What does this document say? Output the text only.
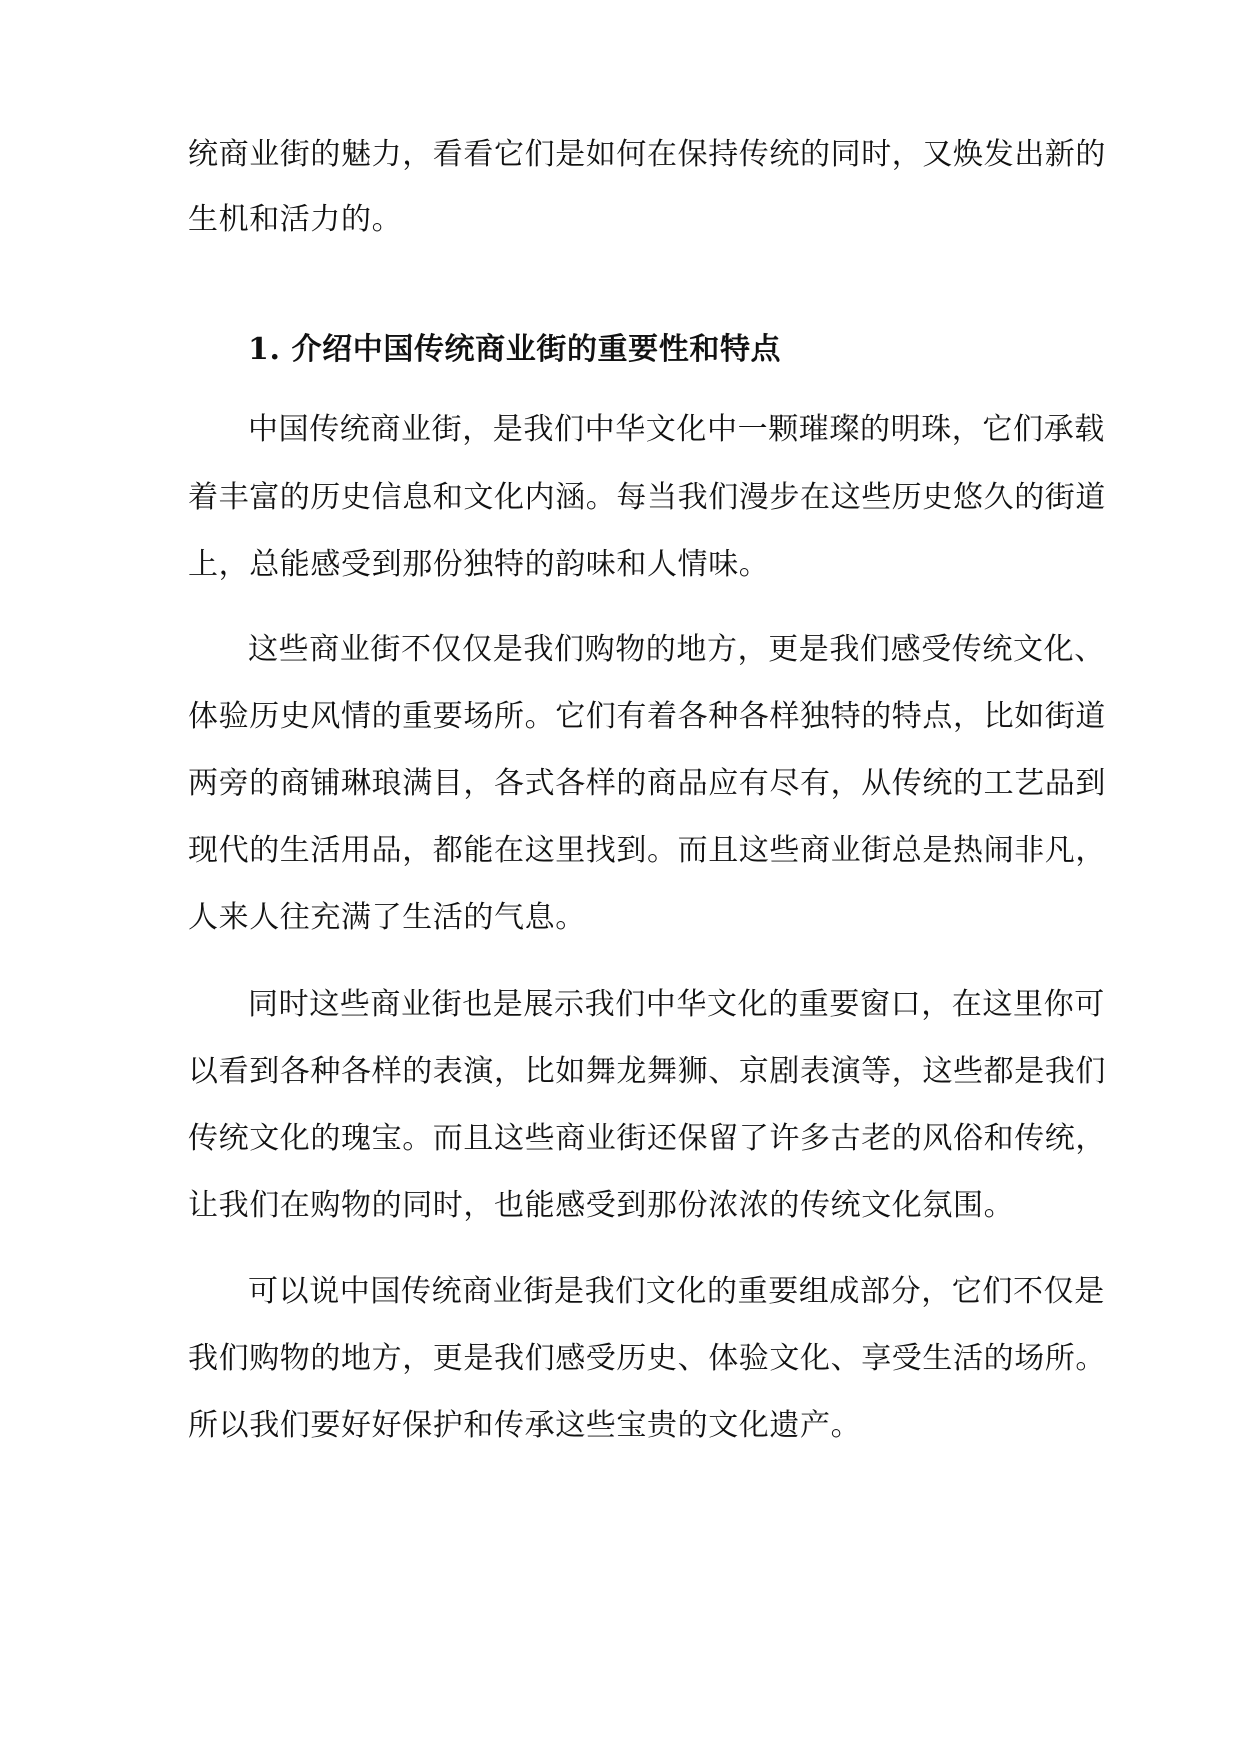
统商业街的魅力，看看它们是如何在保持传统的同时，又焕发出新的
生机和活力的。
1. 介绍中国传统商业街的重要性和特点
中国传统商业街，是我们中华文化中一颗璀璨的明珠，它们承载
着丰富的历史信息和文化内涵。每当我们漫步在这些历史悠久的街道
上，总能感受到那份独特的韵味和人情味。
这些商业街不仅仅是我们购物的地方，更是我们感受传统文化、
体验历史风情的重要场所。它们有着各种各样独特的特点，比如街道
两旁的商铺琳琅满目，各式各样的商品应有尽有，从传统的工艺品到
现代的生活用品，都能在这里找到。而且这些商业街总是热闹非凡，
人来人往充满了生活的气息。
同时这些商业街也是展示我们中华文化的重要窗口，在这里你可
以看到各种各样的表演，比如舞龙舞狮、京剧表演等，这些都是我们
传统文化的瑰宝。而且这些商业街还保留了许多古老的风俗和传统，
让我们在购物的同时，也能感受到那份浓浓的传统文化氛围。
可以说中国传统商业街是我们文化的重要组成部分，它们不仅是
我们购物的地方，更是我们感受历史、体验文化、享受生活的场所。
所以我们要好好保护和传承这些宝贵的文化遗产。
